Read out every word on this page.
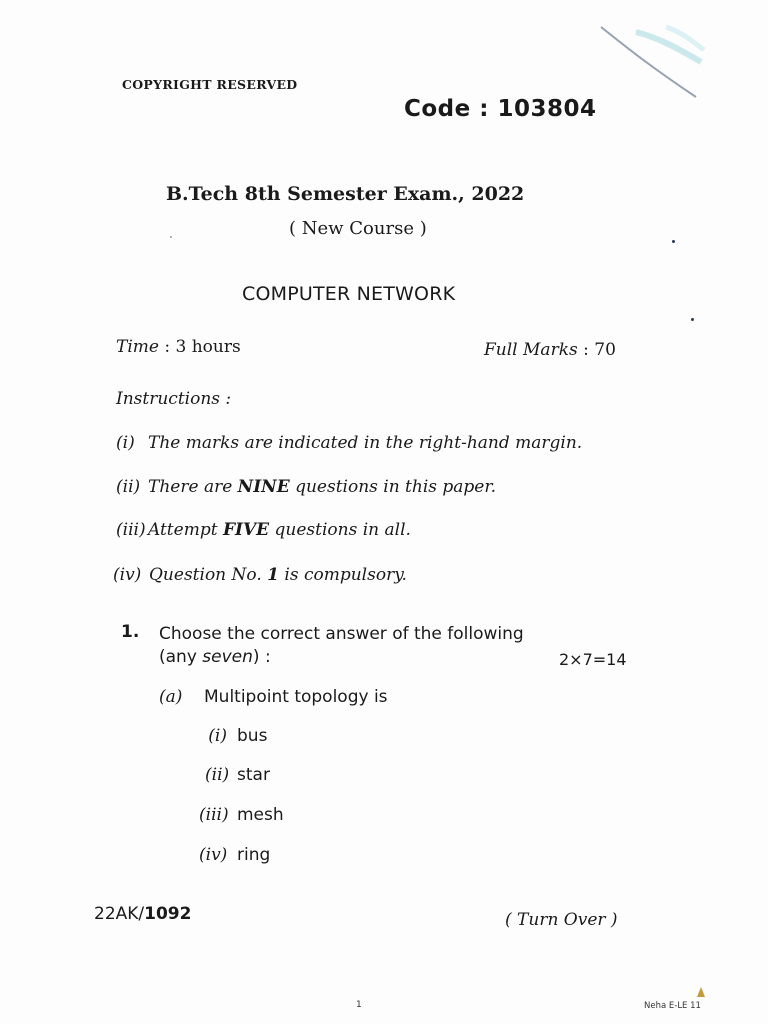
COPYRIGHT RESERVED
Code : 103804
B.Tech 8th Semester Exam., 2022
( New Course )
COMPUTER NETWORK
Time : 3 hours	Full Marks : 70
Instructions :
(i) The marks are indicated in the right-hand margin.
(ii) There are NINE questions in this paper.
(iii) Attempt FIVE questions in all.
(iv) Question No. 1 is compulsory.
1. Choose the correct answer of the following
(any seven) :	2×7=14
(a) Multipoint topology is
(i) bus
(ii) star
(iii) mesh
(iv) ring
22AK/1092	( Turn Over )
1	Neha E-LE 11
